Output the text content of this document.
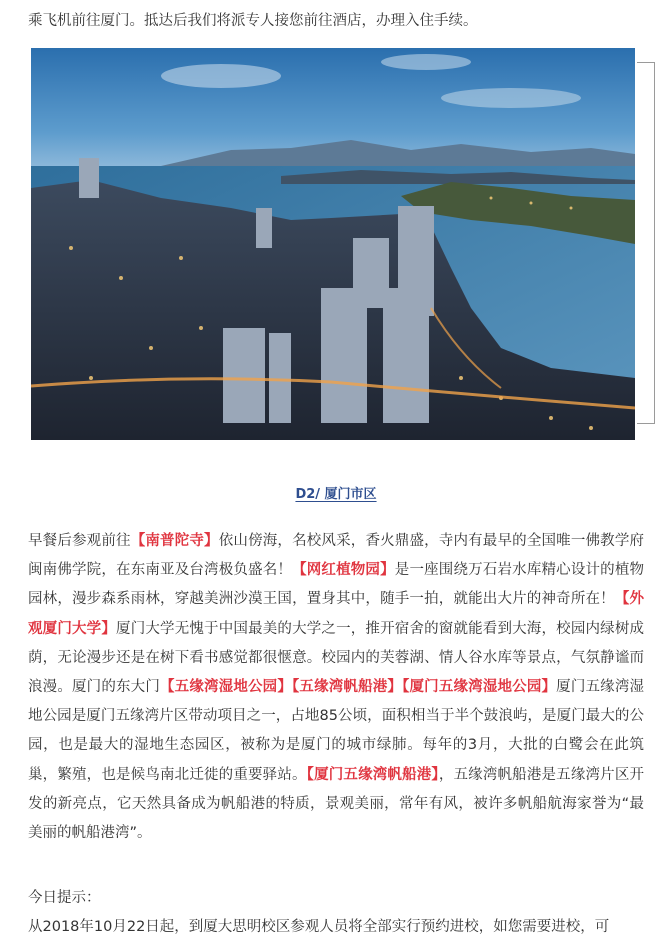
乘飞机前往厦门。抵达后我们将派专人接您前往酒店，办理入住手续。
D2/ 厦门市区
早餐后参观前往【南普陀寺】依山傍海，名校风采，香火鼎盛，寺内有最早的全国唯一佛教学府闽南佛学院，在东南亚及台湾极负盛名！【网红植物园】是一座围绕万石岩水库精心设计的植物园林，漫步森系雨林，穿越美洲沙漠王国，置身其中，随手一拍，就能出大片的神奇所在！【外观厦门大学】厦门大学无愧于中国最美的大学之一，推开宿舍的窗就能看到大海，校园内绿树成荫，无论漫步还是在树下看书感觉都很惬意。校园内的芙蓉湖、情人谷水库等景点，气氛静谧而浪漫。厦门的东大门【五缘湾湿地公园】【五缘湾帆船港】【厦门五缘湾湿地公园】厦门五缘湾湿地公园是厦门五缘湾片区带动项目之一，占地85公顷，面积相当于半个鼓浪屿，是厦门最大的公园，也是最大的湿地生态园区，被称为是厦门的城市绿肺。每年的3月，大批的白鹭会在此筑巢，繁殖，也是候鸟南北迁徙的重要驿站。【厦门五缘湾帆船港】，五缘湾帆船港是五缘湾片区开发的新亮点，它天然具备成为帆船港的特质，景观美丽，常年有风，被许多帆船航海家誉为“最美丽的帆船港湾”。
今日提示：
从2018年10月22日起，到厦大思明校区参观人员将全部实行预约进校，如您需要进校，可
